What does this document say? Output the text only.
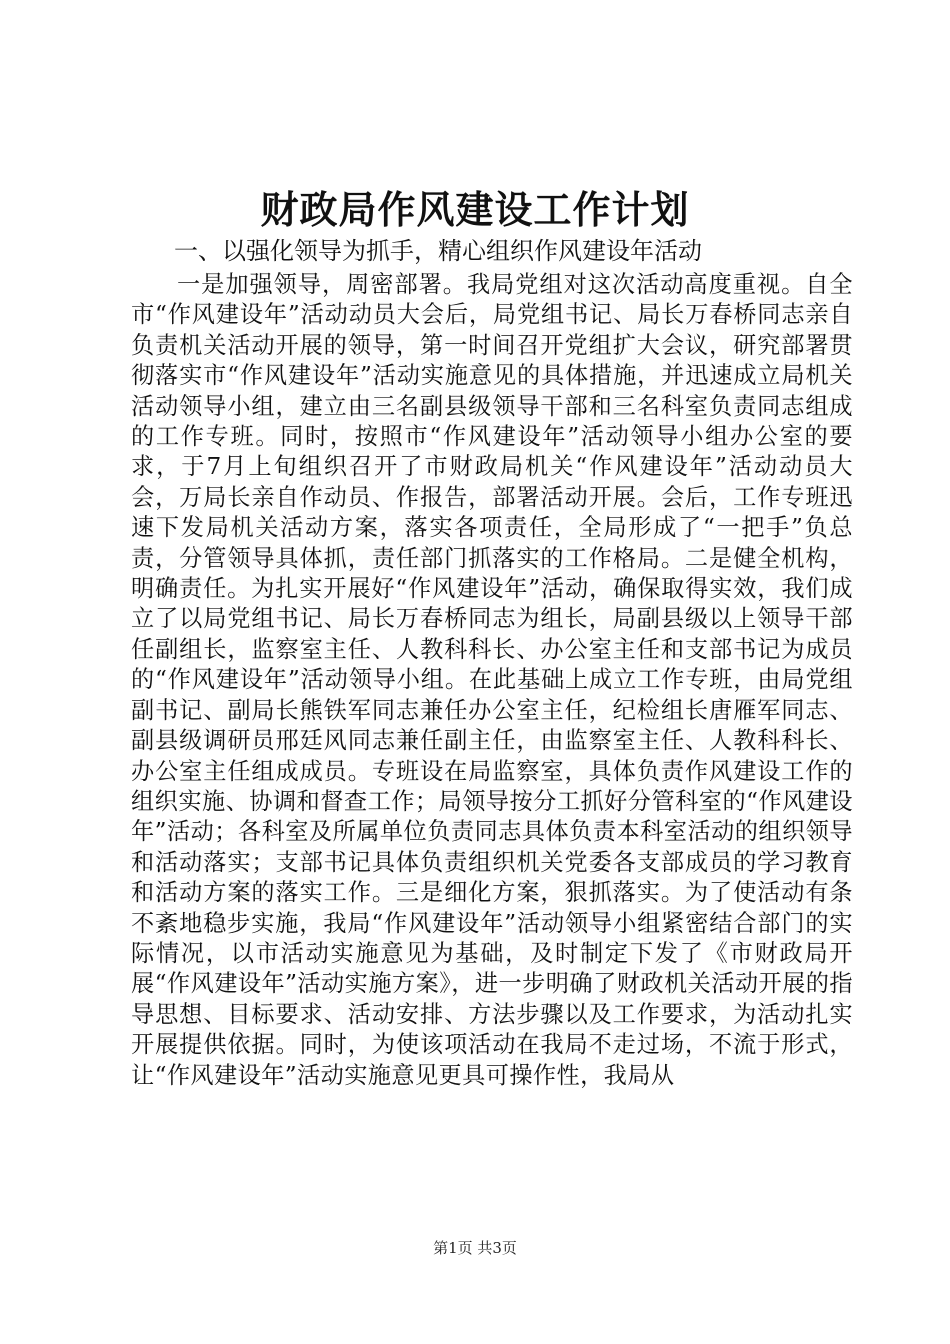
财政局作风建设工作计划

一、以强化领导为抓手，精心组织作风建设年活动

一是加强领导，周密部署。我局党组对这次活动高度重视。自全市“作风建设年”活动动员大会后，局党组书记、局长万春桥同志亲自负责机关活动开展的领导，第一时间召开党组扩大会议，研究部署贯彻落实市“作风建设年”活动实施意见的具体措施，并迅速成立局机关活动领导小组，建立由三名副县级领导干部和三名科室负责同志组成的工作专班。同时，按照市“作风建设年”活动领导小组办公室的要求，于7月上旬组织召开了市财政局机关“作风建设年”活动动员大会，万局长亲自作动员、作报告，部署活动开展。会后，工作专班迅速下发局机关活动方案，落实各项责任，全局形成了“一把手”负总责，分管领导具体抓，责任部门抓落实的工作格局。二是健全机构，明确责任。为扎实开展好“作风建设年”活动，确保取得实效，我们成立了以局党组书记、局长万春桥同志为组长，局副县级以上领导干部任副组长，监察室主任、人教科科长、办公室主任和支部书记为成员的“作风建设年”活动领导小组。在此基础上成立工作专班，由局党组副书记、副局长熊铁军同志兼任办公室主任，纪检组长唐雁军同志、副县级调研员邢廷风同志兼任副主任，由监察室主任、人教科科长、办公室主任组成成员。专班设在局监察室，具体负责作风建设工作的组织实施、协调和督查工作；局领导按分工抓好分管科室的“作风建设年”活动；各科室及所属单位负责同志具体负责本科室活动的组织领导和活动落实；支部书记具体负责组织机关党委各支部成员的学习教育和活动方案的落实工作。三是细化方案，狠抓落实。为了使活动有条不紊地稳步实施，我局“作风建设年”活动领导小组紧密结合部门的实际情况，以市活动实施意见为基础，及时制定下发了《市财政局开展“作风建设年”活动实施方案》，进一步明确了财政机关活动开展的指导思想、目标要求、活动安排、方法步骤以及工作要求，为活动扎实开展提供依据。同时，为使该项活动在我局不走过场，不流于形式，让“作风建设年”活动实施意见更具可操作性，我局从

第1页 共3页
